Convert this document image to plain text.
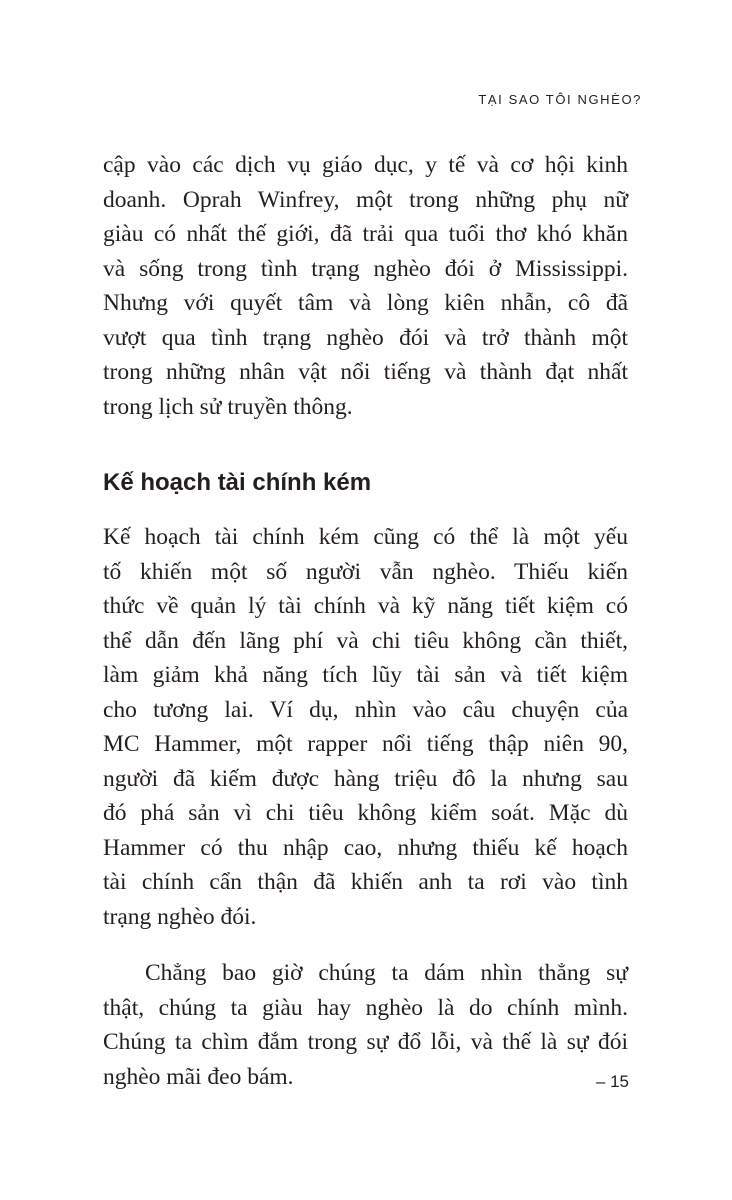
TẠI SAO TÔI NGHÈO?
cập vào các dịch vụ giáo dục, y tế và cơ hội kinh
doanh. Oprah Winfrey, một trong những phụ nữ
giàu có nhất thế giới, đã trải qua tuổi thơ khó khăn
và sống trong tình trạng nghèo đói ở Mississippi.
Nhưng với quyết tâm và lòng kiên nhẫn, cô đã
vượt qua tình trạng nghèo đói và trở thành một
trong những nhân vật nổi tiếng và thành đạt nhất
trong lịch sử truyền thông.
Kế hoạch tài chính kém
Kế hoạch tài chính kém cũng có thể là một yếu
tố khiến một số người vẫn nghèo. Thiếu kiến
thức về quản lý tài chính và kỹ năng tiết kiệm có
thể dẫn đến lãng phí và chi tiêu không cần thiết,
làm giảm khả năng tích lũy tài sản và tiết kiệm
cho tương lai. Ví dụ, nhìn vào câu chuyện của
MC Hammer, một rapper nổi tiếng thập niên 90,
người đã kiếm được hàng triệu đô la nhưng sau
đó phá sản vì chi tiêu không kiểm soát. Mặc dù
Hammer có thu nhập cao, nhưng thiếu kế hoạch
tài chính cẩn thận đã khiến anh ta rơi vào tình
trạng nghèo đói.
Chẳng bao giờ chúng ta dám nhìn thẳng sự
thật, chúng ta giàu hay nghèo là do chính mình.
Chúng ta chìm đắm trong sự đổ lỗi, và thế là sự đói
nghèo mãi đeo bám.	– 15
